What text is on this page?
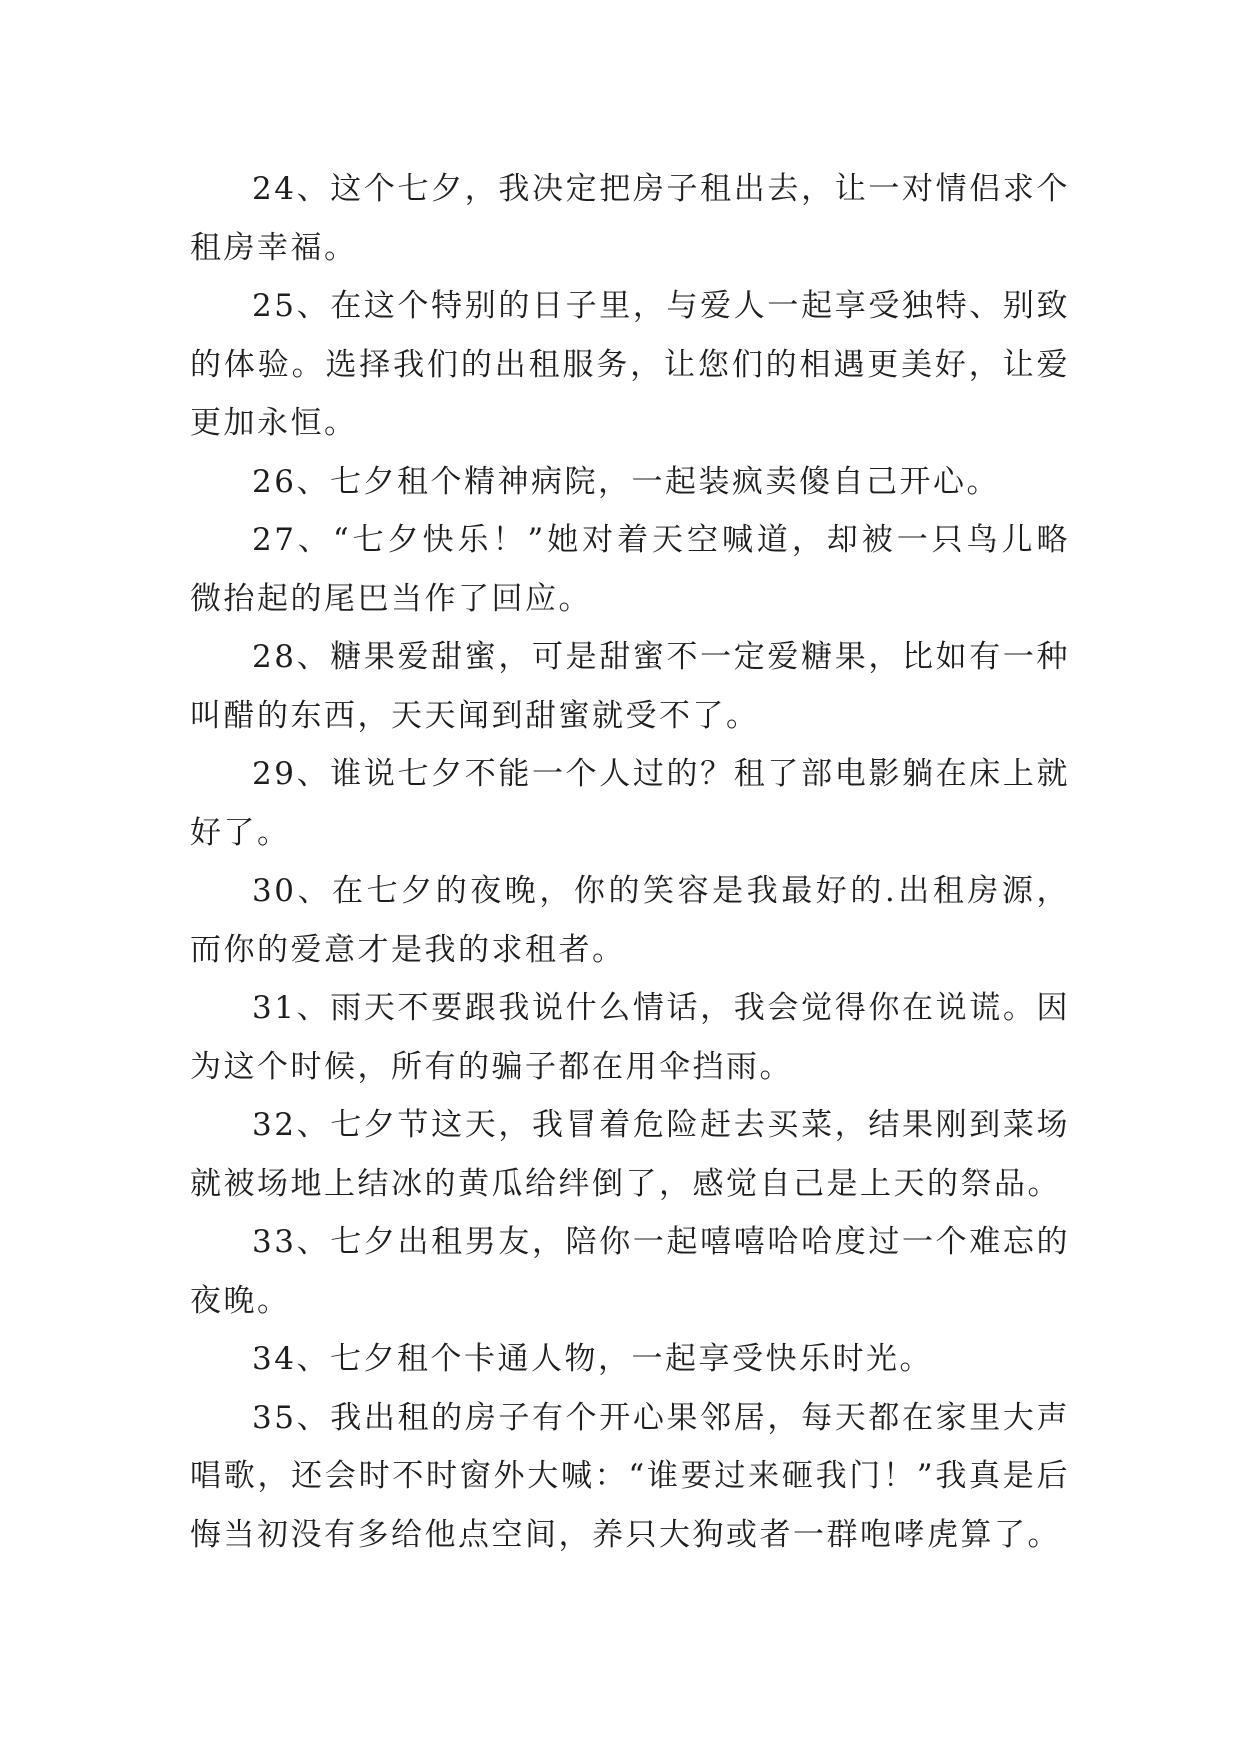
24、这个七夕，我决定把房子租出去，让一对情侣求个租房幸福。

25、在这个特别的日子里，与爱人一起享受独特、别致的体验。选择我们的出租服务，让您们的相遇更美好，让爱更加永恒。

26、七夕租个精神病院，一起装疯卖傻自己开心。

27、“七夕快乐！”她对着天空喊道，却被一只鸟儿略微抬起的尾巴当作了回应。

28、糖果爱甜蜜，可是甜蜜不一定爱糖果，比如有一种叫醋的东西，天天闻到甜蜜就受不了。

29、谁说七夕不能一个人过的？租了部电影躺在床上就好了。

30、在七夕的夜晚，你的笑容是我最好的.出租房源，而你的爱意才是我的求租者。

31、雨天不要跟我说什么情话，我会觉得你在说谎。因为这个时候，所有的骗子都在用伞挡雨。

32、七夕节这天，我冒着危险赶去买菜，结果刚到菜场就被场地上结冰的黄瓜给绊倒了，感觉自己是上天的祭品。

33、七夕出租男友，陪你一起嘻嘻哈哈度过一个难忘的夜晚。

34、七夕租个卡通人物，一起享受快乐时光。

35、我出租的房子有个开心果邻居，每天都在家里大声唱歌，还会时不时窗外大喊：“谁要过来砸我门！”我真是后悔当初没有多给他点空间，养只大狗或者一群咆哮虎算了。
